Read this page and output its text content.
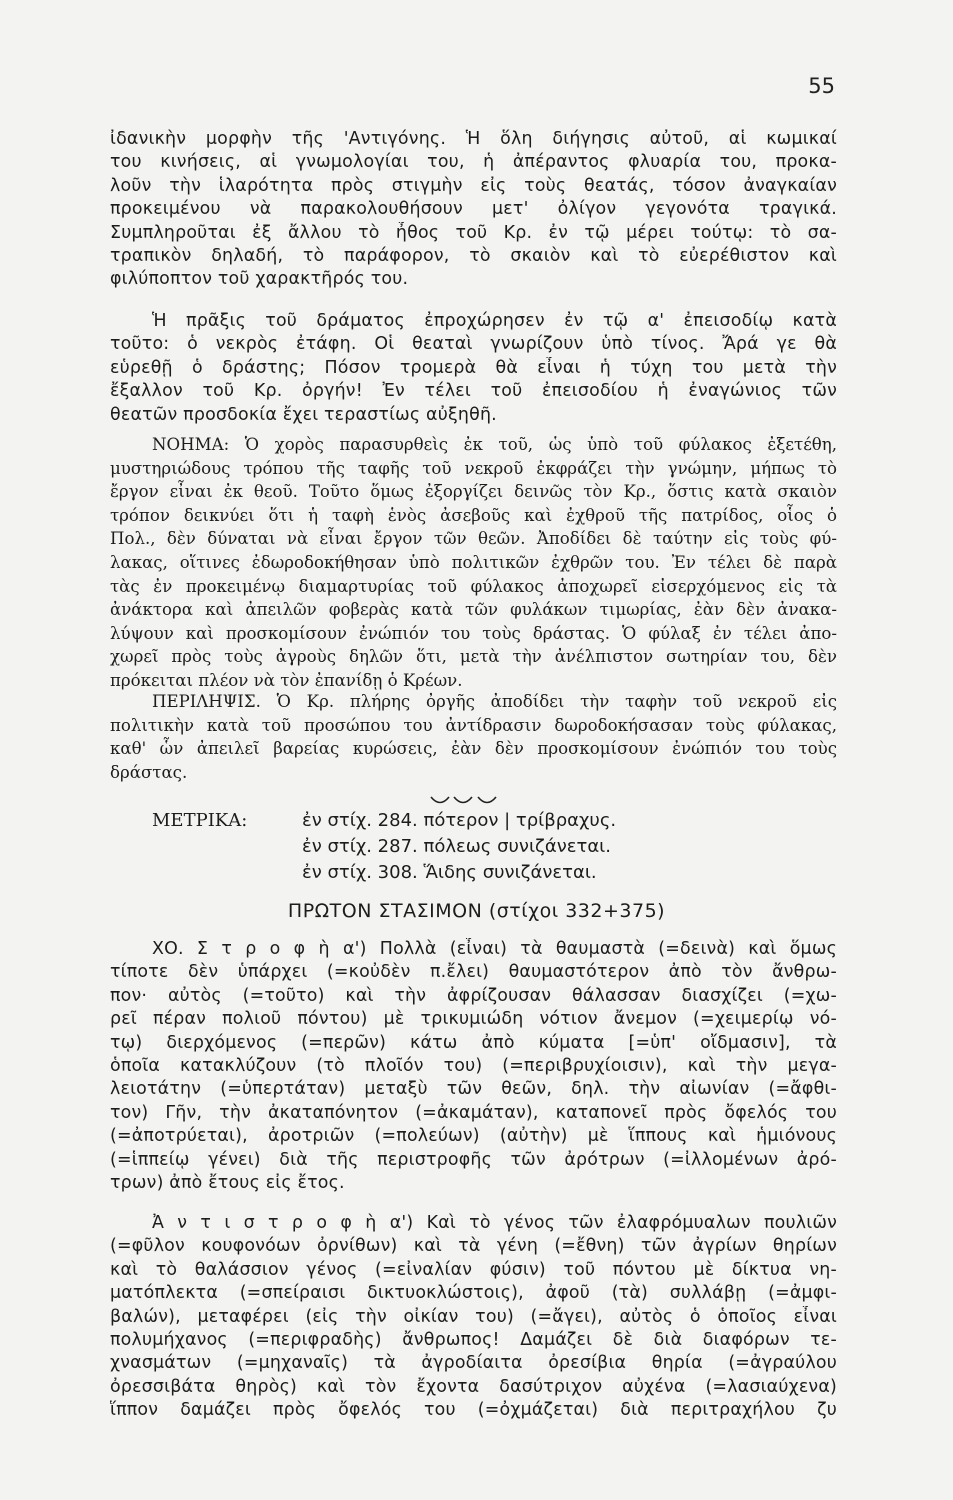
55
ἰδανικὴν μορφὴν τῆς 'Αντιγόνης. Ἡ ὅλη διήγησις αὐτοῦ, αἱ κωμικαί
του κινήσεις, αἱ γνωμολογίαι του, ἡ ἀπέραντος φλυαρία του, προκα-
λοῦν τὴν ἱλαρότητα πρὸς στιγμὴν εἰς τοὺς θεατάς, τόσον ἀναγκαίαν
προκειμένου νὰ παρακολουθήσουν μετ' ὀλίγον γεγονότα τραγικά.
Συμπληροῦται ἐξ ἄλλου τὸ ἦθος τοῦ Κρ. ἐν τῷ μέρει τούτῳ: τὸ σα-
τραπικὸν δηλαδή, τὸ παράφορον, τὸ σκαιὸν καὶ τὸ εὐερέθιστον καὶ
φιλύποπτον τοῦ χαρακτῆρός του.
Ἡ πρᾶξις τοῦ δράματος ἐπροχώρησεν ἐν τῷ α' ἐπεισοδίῳ κατὰ
τοῦτο: ὁ νεκρὸς ἐτάφη. Οἱ θεαταὶ γνωρίζουν ὑπὸ τίνος. Ἄρά γε θὰ
εὑρεθῇ ὁ δράστης; Πόσον τρομερὰ θὰ εἶναι ἡ τύχη του μετὰ τὴν
ἔξαλλον τοῦ Κρ. ὀργήν! Ἐν τέλει τοῦ ἐπεισοδίου ἡ ἐναγώνιος τῶν
θεατῶν προσδοκία ἔχει τεραστίως αὐξηθῆ.
ΝΟΗΜΑ: Ὁ χορὸς παρασυρθεὶς ἐκ τοῦ, ὡς ὑπὸ τοῦ φύλακος ἐξετέθη,
μυστηριώδους τρόπου τῆς ταφῆς τοῦ νεκροῦ ἐκφράζει τὴν γνώμην, μήπως τὸ
ἔργον εἶναι ἐκ θεοῦ. Τοῦτο ὅμως ἐξοργίζει δεινῶς τὸν Κρ., ὅστις κατὰ σκαιὸν
τρόπον δεικνύει ὅτι ἡ ταφὴ ἑνὸς ἀσεβοῦς καὶ ἐχθροῦ τῆς πατρίδος, οἷος ὁ
Πολ., δὲν δύναται νὰ εἶναι ἔργον τῶν θεῶν. Ἀποδίδει δὲ ταύτην εἰς τοὺς φύ-
λακας, οἵτινες ἐδωροδοκήθησαν ὑπὸ πολιτικῶν ἐχθρῶν του. Ἐν τέλει δὲ παρὰ
τὰς ἐν προκειμένῳ διαμαρτυρίας τοῦ φύλακος ἀποχωρεῖ εἰσερχόμενος εἰς τὰ
ἀνάκτορα καὶ ἀπειλῶν φοβερὰς κατὰ τῶν φυλάκων τιμωρίας, ἐὰν δὲν ἀνακα-
λύψουν καὶ προσκομίσουν ἐνώπιόν του τοὺς δράστας. Ὁ φύλαξ ἐν τέλει ἀπο-
χωρεῖ πρὸς τοὺς ἀγροὺς δηλῶν ὅτι, μετὰ τὴν ἀνέλπιστον σωτηρίαν του, δὲν
πρόκειται πλέον νὰ τὸν ἐπανίδῃ ὁ Κρέων.
ΠΕΡΙΛΗΨΙΣ. Ὁ Κρ. πλήρης ὀργῆς ἀποδίδει τὴν ταφὴν τοῦ νεκροῦ εἰς
πολιτικὴν κατὰ τοῦ προσώπου του ἀντίδρασιν δωροδοκήσασαν τοὺς φύλακας,
καθ' ὧν ἀπειλεῖ βαρείας κυρώσεις, ἐὰν δὲν προσκομίσουν ἐνώπιόν του τοὺς
δράστας.
ΜΕΤΡΙΚΑ:	ἐν στίχ. 284. πότερον | τρίβραχυς.
ἐν στίχ. 287. πόλεως συνιζάνεται.
ἐν στίχ. 308. Ἅιδης συνιζάνεται.
ΠΡΩΤΟΝ ΣΤΑΣΙΜΟΝ (στίχοι 332+375)
ΧΟ. Σ τ ρ ο φ ὴ α') Πολλὰ (εἶναι) τὰ θαυμαστὰ (=δεινὰ) καὶ ὅμως
τίποτε δὲν ὑπάρχει (=κοὐδὲν π.ἔλει) θαυμαστότερον ἀπὸ τὸν ἄνθρω-
πον· αὐτὸς (=τοῦτο) καὶ τὴν ἀφρίζουσαν θάλασσαν διασχίζει (=χω-
ρεῖ πέραν πολιοῦ πόντου) μὲ τρικυμιώδη νότιον ἄνεμον (=χειμερίῳ νό-
τῳ) διερχόμενος (=περῶν) κάτω ἀπὸ κύματα [=ὑπ' οἴδμασιν], τὰ
ὁποῖα κατακλύζουν (τὸ πλοῖόν του) (=περιβρυχίοισιν), καὶ τὴν μεγα-
λειοτάτην (=ὑπερτάταν) μεταξὺ τῶν θεῶν, δηλ. τὴν αἰωνίαν (=ἄφθι-
τον) Γῆν, τὴν ἀκαταπόνητον (=ἀκαμάταν), καταπονεῖ πρὸς ὄφελός του
(=ἀποτρύεται), ἀροτριῶν (=πολεύων) (αὐτὴν) μὲ ἵππους καὶ ἡμιόνους
(=ἱππείῳ γένει) διὰ τῆς περιστροφῆς τῶν ἀρότρων (=ἰλλομένων ἀρό-
τρων) ἀπὸ ἔτους εἰς ἔτος.
Ἀ ν τ ι σ τ ρ ο φ ὴ α') Καὶ τὸ γένος τῶν ἐλαφρόμυαλων πουλιῶν
(=φῦλον κουφονόων ὀρνίθων) καὶ τὰ γένη (=ἔθνη) τῶν ἀγρίων θηρίων
καὶ τὸ θαλάσσιον γένος (=εἰναλίαν φύσιν) τοῦ πόντου μὲ δίκτυα νη-
ματόπλεκτα (=σπείραισι δικτυοκλώστοις), ἀφοῦ (τὰ) συλλάβῃ (=ἀμφι-
βαλών), μεταφέρει (εἰς τὴν οἰκίαν του) (=ἄγει), αὐτὸς ὁ ὁποῖος εἶναι
πολυμήχανος (=περιφραδὴς) ἄνθρωπος! Δαμάζει δὲ διὰ διαφόρων τε-
χνασμάτων (=μηχαναῖς) τὰ ἀγροδίαιτα ὀρεσίβια θηρία (=ἀγραύλου
ὀρεσσιβάτα θηρὸς) καὶ τὸν ἔχοντα δασύτριχον αὐχένα (=λασιαύχενα)
ἵππον δαμάζει πρὸς ὄφελός του (=ὀχμάζεται) διὰ περιτραχήλου ζυ
